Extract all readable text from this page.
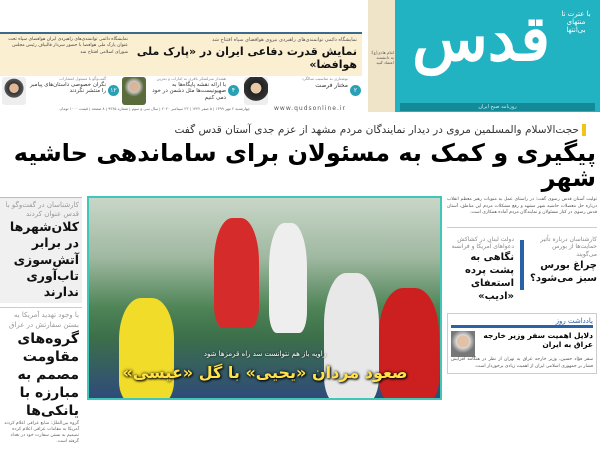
امام هادی(ع): به دانشمند اعتماد کنید قدس	با عترت تا منتهای بی‌انتها
روزنامه صبح ایران
نمایشگاه دائمی توانمندی‌های راهبردی نیروی هوافضای سپاه افتتاح شد
نمایش قدرت دفاعی ایران در «پارک ملی هوافضا»
نمایشگاه دائمی توانمندی‌های راهبردی ایران هوافضای سپاه تحت عنوان پارک ملی هوافضا با حضور سردار قالیباف رئیس مجلس شورای اسلامی افتتاح شد
۲
نوشتاری به مناسبت سالگرد
مختار فرصت
۴
هشدار سرلشکر باقری به امارات و بحرین
با ارائه نقشه پایگاه‌ها به صهیونیست‌ها مثل دشمن در خود دمی کنیم
۱۲
گفت‌وگو با مسئول انتشارات
نگران خصوصی داستان‌های پیامبر را منتشر نکردند
چهارشنبه ۲ مهر ۱۳۹۹ | ۵ صفر ۱۴۴۲ | ۲۳ سپتامبر ۲۰۲۰ | سال سی و سوم | شماره ۹۳۶۵ | ۸ صفحه | قیمت ۱۰۰۰ تومان	www.qudsonline.ir
حجت‌الاسلام والمسلمین مروی در دیدار نمایندگان مردم مشهد از عزم جدی آستان قدس گفت
پیگیری و کمک به مسئولان برای ساماندهی حاشیه شهر
زاویه باز هم نتوانست سد راه قرمزها شود
صعود مردان «یحیی» با گل «عیسی»
کارشناسان در گفت‌وگو با قدس عنوان کردند
کلان‌شهرها در برابر آتش‌سوزی تاب‌آوری ندارند
با وجود تهدید آمریکا به بستن سفارتش در عراق
گروه‌های مقاومت مصمم به مبارزه با یانکی‌ها
گروه بین‌الملل: منابع عراقی اعلام کردند آمریکا به مقامات عراقی اعلام کرده تصمیم به بستن سفارت خود در بغداد گرفته است.
تولیت آستان قدس رضوی گفت: در راستای عمل به منویات رهبر معظم انقلاب درباره حل معضلات حاشیه شهر مشهد و رفع مشکلات مردم این مناطق، آستان قدس رضوی در کنار مسئولان و نمایندگان مردم آماده همکاری است.
کارشناسان درباره تأثیر حمایت‌ها از بورس می‌گویند
چراغ بورس سبز می‌شود؟
دولت لبنان در کشاکش دعواهای آمریکا و فرانسه
نگاهی به پشت پرده استعفای «ادیب»
یادداشت روز
دلایل اهمیت سفر وزیر خارجه عراق به ایران
سفر فؤاد حسین، وزیر خارجه عراق به تهران از نظر در هنگامه افزایش فشار بر جمهوری اسلامی ایران از اهمیت زیادی برخوردار است.
